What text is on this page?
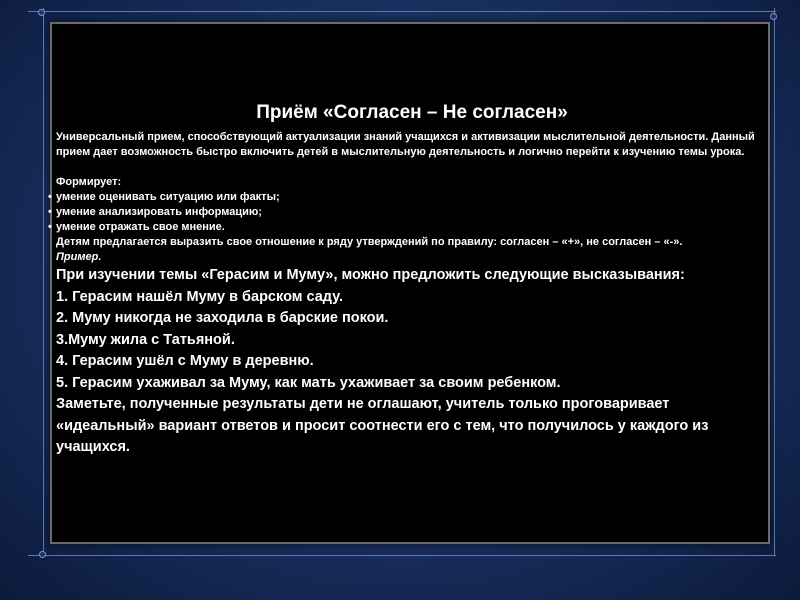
Приём «Согласен – Не согласен»

Универсальный прием, способствующий актуализации знаний учащихся и активизации мыслительной деятельности. Данный прием дает возможность быстро включить детей в мыслительную деятельность и логично перейти к изучению темы урока.

Формирует:

• умение оценивать ситуацию или факты;
• умение анализировать информацию;
• умение отражать свое мнение.

Детям предлагается выразить свое отношение к ряду утверждений по правилу: согласен – «+», не согласен – «-».

Пример.

При изучении темы «Герасим и Муму», можно предложить следующие высказывания:

1. Герасим нашёл Муму в барском саду.

2. Муму никогда не заходила в барские покои.

3.Муму жила с Татьяной.

4. Герасим ушёл с Муму в деревню.

5. Герасим ухаживал за Муму, как мать ухаживает за своим ребенком.

Заметьте, полученные результаты дети не оглашают, учитель только проговаривает «идеальный» вариант ответов и просит соотнести его с тем, что получилось у каждого из учащихся.
